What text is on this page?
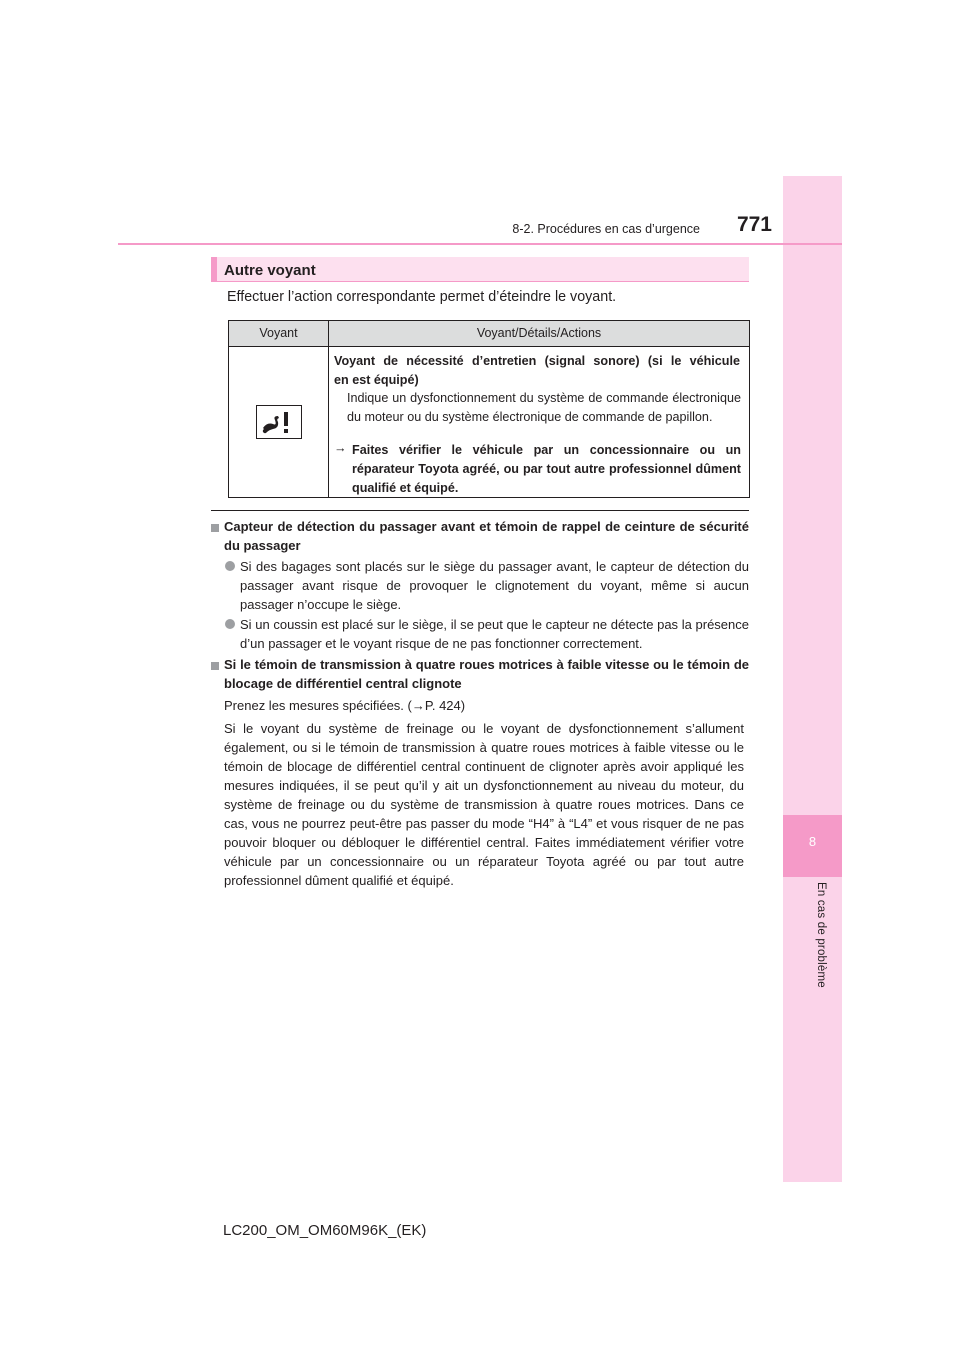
8
En cas de problème
8-2. Procédures en cas d’urgence	771
Autre voyant
Effectuer l’action correspondante permet d’éteindre le voyant.
Voyant	Voyant/Détails/Actions
Voyant de nécessité d’entretien (signal sonore) (si le véhicule
en est équipé)
Indique un dysfonctionnement du système de commande électronique du moteur ou du système électronique de commande de papillon.
→ Faites vérifier le véhicule par un concessionnaire ou un réparateur Toyota agréé, ou par tout autre professionnel dûment qualifié et équipé.
Capteur de détection du passager avant et témoin de rappel de ceinture de sécurité du passager
Si des bagages sont placés sur le siège du passager avant, le capteur de détection du passager avant risque de provoquer le clignotement du voyant, même si aucun passager n’occupe le siège.
Si un coussin est placé sur le siège, il se peut que le capteur ne détecte pas la présence d’un passager et le voyant risque de ne pas fonctionner correctement.
Si le témoin de transmission à quatre roues motrices à faible vitesse ou le témoin de blocage de différentiel central clignote
Prenez les mesures spécifiées. (→P. 424)
Si le voyant du système de freinage ou le voyant de dysfonctionnement s’allument également, ou si le témoin de transmission à quatre roues motrices à faible vitesse ou le témoin de blocage de différentiel central continuent de clignoter après avoir appliqué les mesures indiquées, il se peut qu’il y ait un dysfonctionnement au niveau du moteur, du système de freinage ou du système de transmission à quatre roues motrices. Dans ce cas, vous ne pourrez peut-être pas passer du mode “H4” à “L4” et vous risquer de ne pas pouvoir bloquer ou débloquer le différentiel central. Faites immédiatement vérifier votre véhicule par un concessionnaire ou un réparateur Toyota agréé ou par tout autre professionnel dûment qualifié et équipé.
LC200_OM_OM60M96K_(EK)
